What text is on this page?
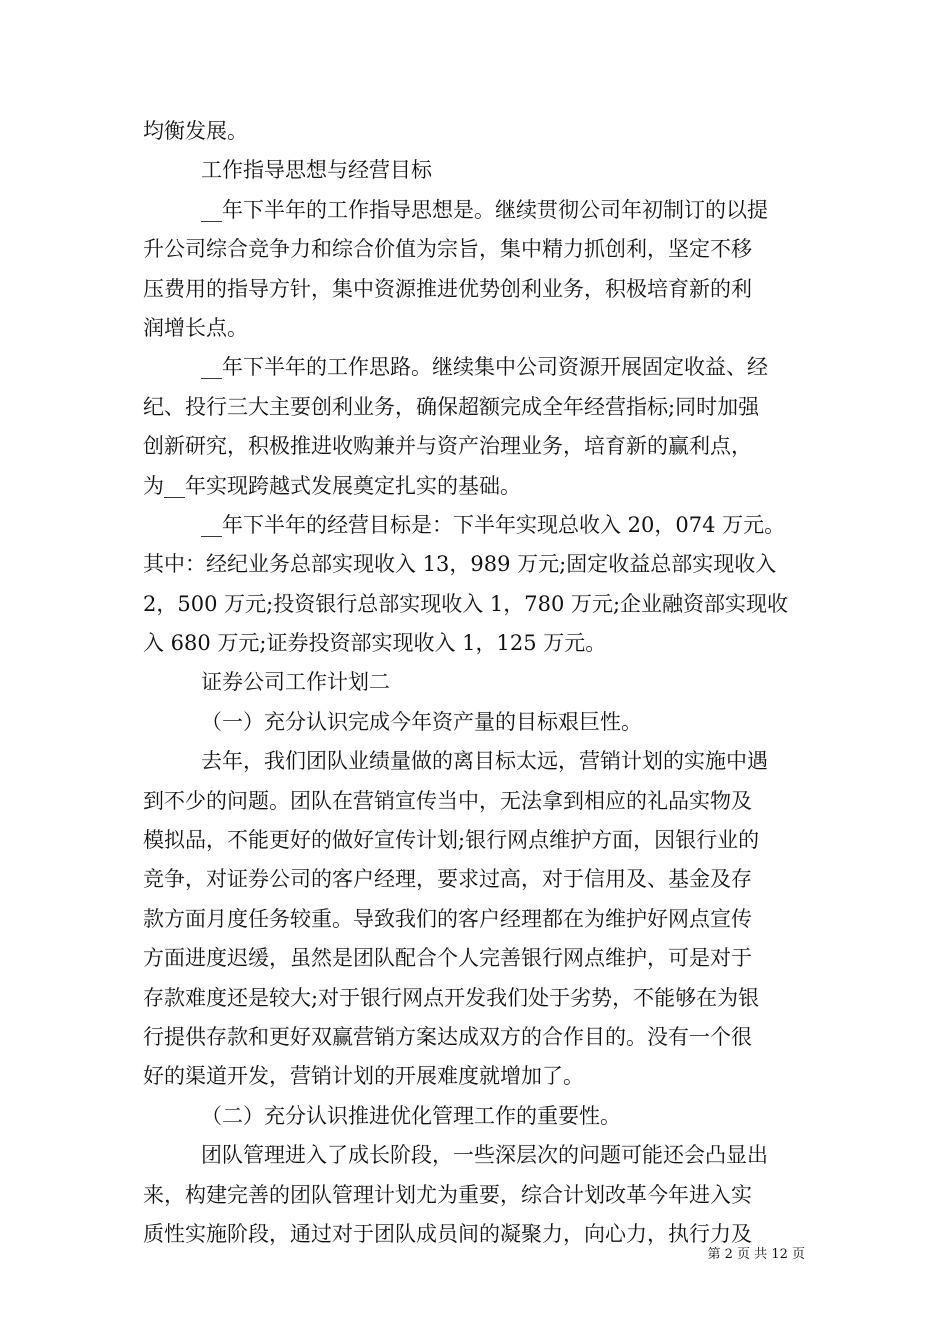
均衡发展。
工作指导思想与经营目标
__年下半年的工作指导思想是。继续贯彻公司年初制订的以提
升公司综合竞争力和综合价值为宗旨，集中精力抓创利，坚定不移
压费用的指导方针，集中资源推进优势创利业务，积极培育新的利
润增长点。
__年下半年的工作思路。继续集中公司资源开展固定收益、经
纪、投行三大主要创利业务，确保超额完成全年经营指标;同时加强
创新研究，积极推进收购兼并与资产治理业务，培育新的赢利点，
为__年实现跨越式发展奠定扎实的基础。
__年下半年的经营目标是：下半年实现总收入 20，074 万元。
其中：经纪业务总部实现收入 13，989 万元;固定收益总部实现收入
2，500 万元;投资银行总部实现收入 1，780 万元;企业融资部实现收
入 680 万元;证券投资部实现收入 1，125 万元。
证券公司工作计划二
（一）充分认识完成今年资产量的目标艰巨性。
去年，我们团队业绩量做的离目标太远，营销计划的实施中遇
到不少的问题。团队在营销宣传当中，无法拿到相应的礼品实物及
模拟品，不能更好的做好宣传计划;银行网点维护方面，因银行业的
竞争，对证券公司的客户经理，要求过高，对于信用及、基金及存
款方面月度任务较重。导致我们的客户经理都在为维护好网点宣传
方面进度迟缓，虽然是团队配合个人完善银行网点维护，可是对于
存款难度还是较大;对于银行网点开发我们处于劣势，不能够在为银
行提供存款和更好双赢营销方案达成双方的合作目的。没有一个很
好的渠道开发，营销计划的开展难度就增加了。
（二）充分认识推进优化管理工作的重要性。
团队管理进入了成长阶段，一些深层次的问题可能还会凸显出
来，构建完善的团队管理计划尤为重要，综合计划改革今年进入实
质性实施阶段，通过对于团队成员间的凝聚力，向心力，执行力及
第 2 页 共 12 页
